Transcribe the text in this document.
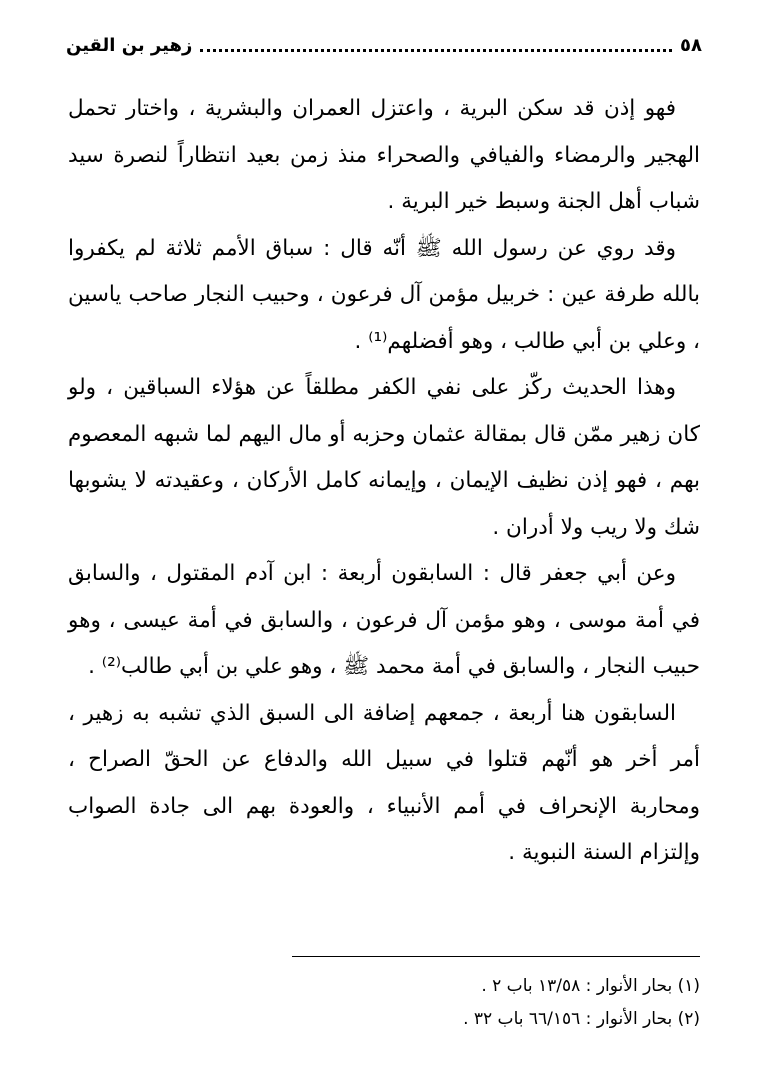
٥٨
زهير بن القين

فهو إذن قد سكن البرية ، واعتزل العمران والبشرية ، واختار تحمل الهجير والرمضاء والفيافي والصحراء منذ زمن بعيد انتظاراً لنصرة سيد شباب أهل الجنة وسبط خير البرية .

وقد روي عن رسول الله ﷺ أنّه قال : سباق الأمم ثلاثة لم يكفروا بالله طرفة عين : خربيل مؤمن آل فرعون ، وحبيب النجار صاحب ياسين ، وعلي بن أبي طالب ، وهو أفضلهم⁽¹⁾ .

وهذا الحديث ركّز على نفي الكفر مطلقاً عن هؤلاء السباقين ، ولو كان زهير ممّن قال بمقالة عثمان وحزبه أو مال اليهم لما شبهه المعصوم بهم ، فهو إذن نظيف الإيمان ، وإيمانه كامل الأركان ، وعقيدته لا يشوبها شك ولا ريب ولا أدران .

وعن أبي جعفر قال : السابقون أربعة : ابن آدم المقتول ، والسابق في أمة موسى ، وهو مؤمن آل فرعون ، والسابق في أمة عيسى ، وهو حبيب النجار ، والسابق في أمة محمد ﷺ ، وهو علي بن أبي طالب⁽²⁾ .

السابقون هنا أربعة ، جمعهم إضافة الى السبق الذي تشبه به زهير ، أمر أخر هو أنّهم قتلوا في سبيل الله والدفاع عن الحقّ الصراح ، ومحاربة الإنحراف في أمم الأنبياء ، والعودة بهم الى جادة الصواب وإلتزام السنة النبوية .

(١) بحار الأنوار : ١٣/٥٨ باب ٢ .

(٢) بحار الأنوار : ٦٦/١٥٦ باب ٣٢ .
